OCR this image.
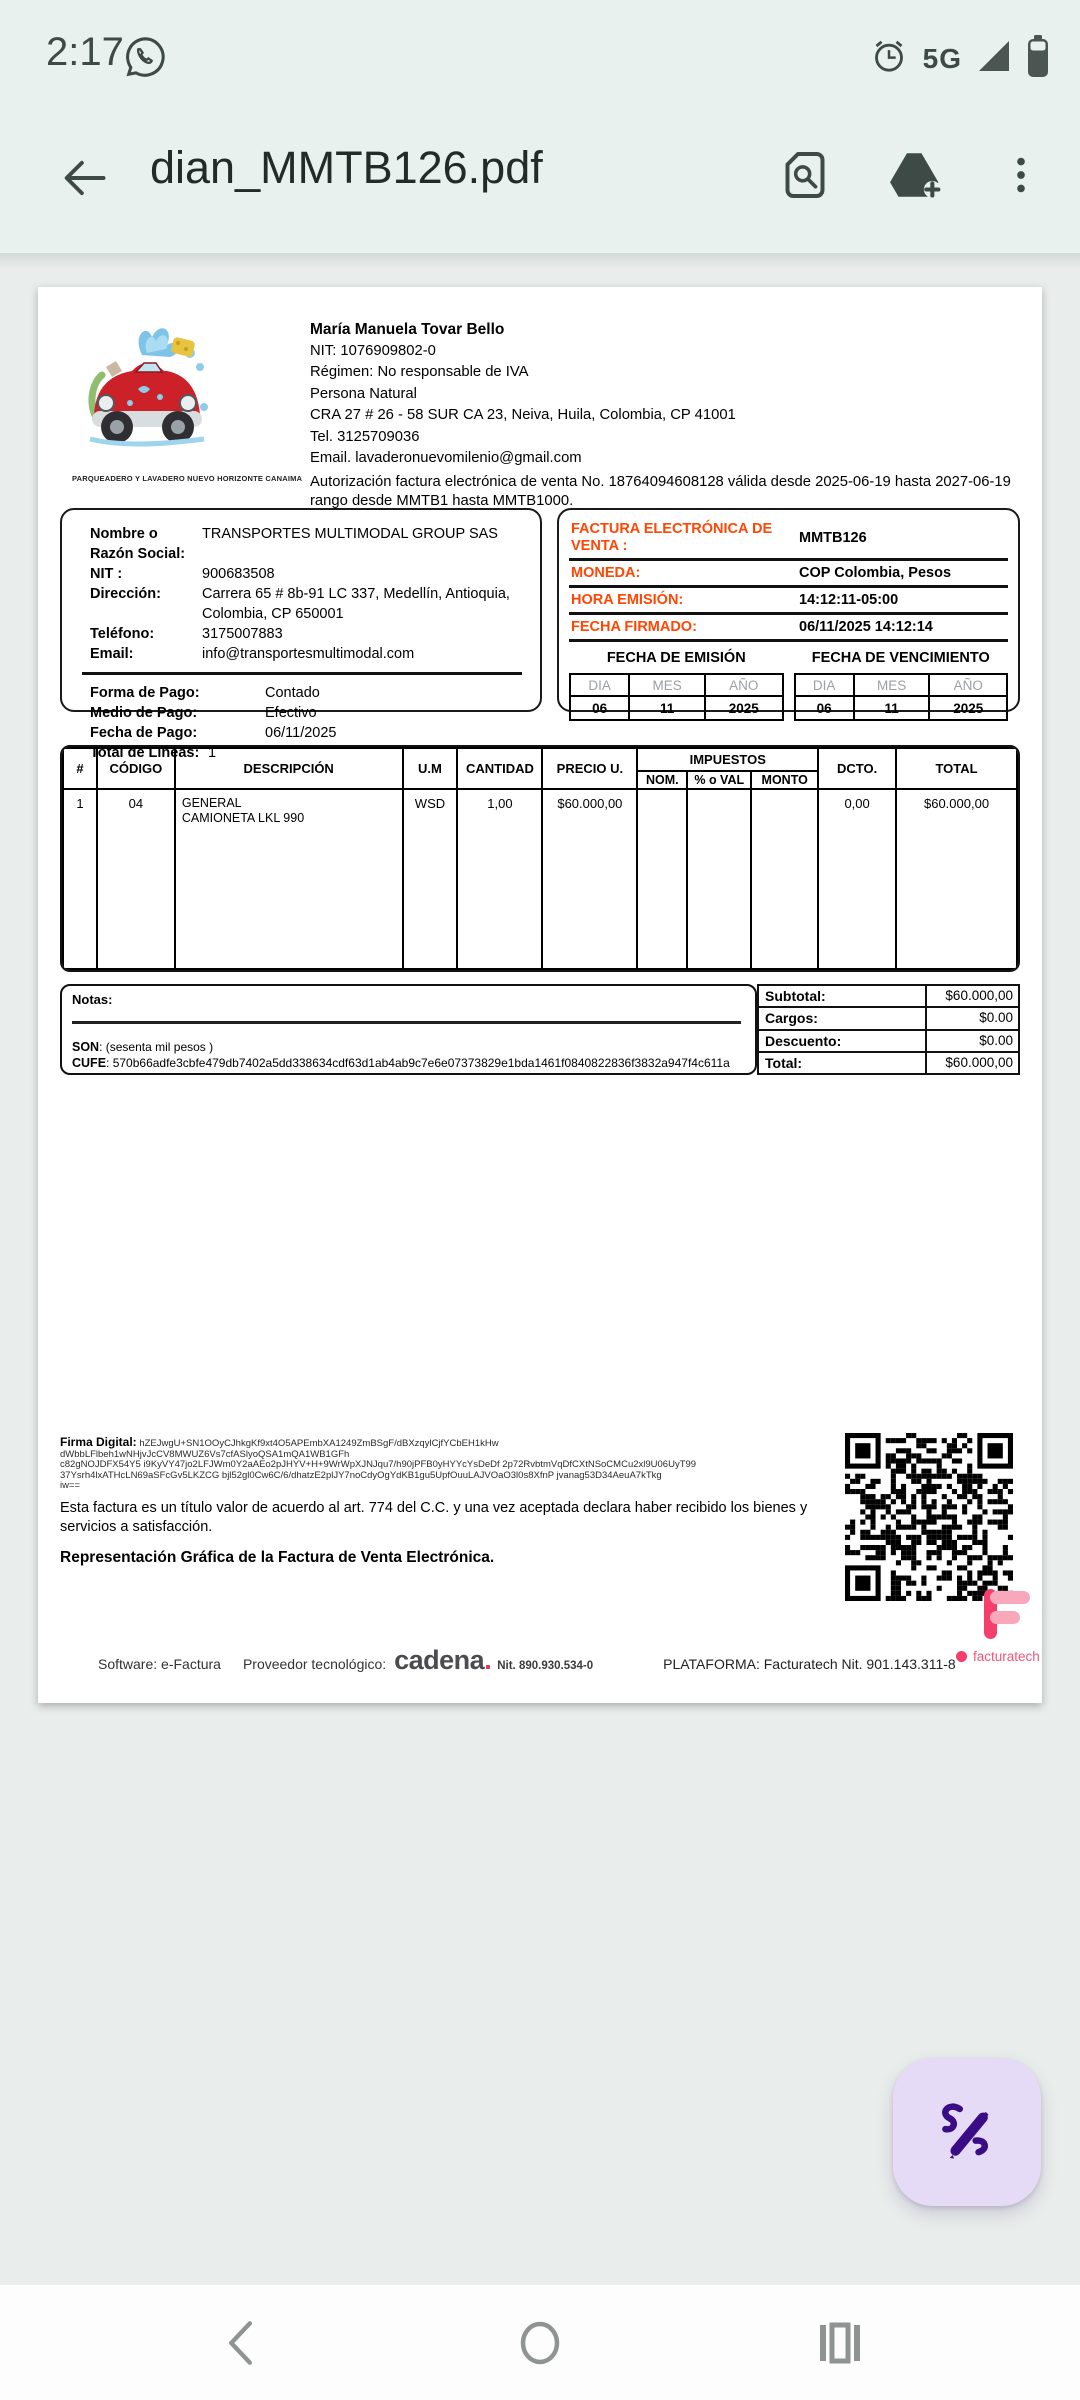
2:17	5G
dian_MMTB126.pdf
PARQUEADERO Y LAVADERO NUEVO HORIZONTE CANAIMA
María Manuela Tovar Bello
NIT: 1076909802-0
Régimen: No responsable de IVA
Persona Natural
CRA 27 # 26 - 58 SUR CA 23, Neiva, Huila, Colombia, CP 41001
Tel. 3125709036
Email. lavaderonuevomilenio@gmail.com
Autorización factura electrónica de venta No. 18764094608128 válida desde 2025-06-19 hasta 2027-06-19 rango desde MMTB1 hasta MMTB1000.
Nombre o Razón Social:
TRANSPORTES MULTIMODAL GROUP SAS
NIT :	900683508
Dirección:	Carrera 65 # 8b-91 LC 337, Medellín, Antioquia, Colombia, CP 650001
Teléfono:	3175007883
Email:	info@transportesmultimodal.com
Forma de Pago:	Contado
Medio de Pago:	Efectivo
Fecha de Pago:	06/11/2025
Total de Lineas: 1
FACTURA ELECTRÓNICA DE VENTA :	MMTB126
MONEDA:	COP Colombia, Pesos
HORA EMISIÓN:	14:12:11-05:00
FECHA FIRMADO:	06/11/2025 14:12:14
FECHA DE EMISIÓN
DIA	MES	AÑO
06	11	2025
FECHA DE VENCIMIENTO
DIA	MES	AÑO
06	11	2025
#	CÓDIGO	DESCRIPCIÓN	U.M	CANTIDAD	PRECIO U.	IMPUESTOS			DCTO.	TOTAL
						NOM.	% o VAL	MONTO		
1	04	GENERAL
CAMIONETA LKL 990	WSD	1,00	$60.000,00				0,00	$60.000,00
Notas:
SON: (sesenta mil pesos )
CUFE: 570b66adfe3cbfe479db7402a5dd338634cdf63d1ab4ab9c7e6e07373829e1bda1461f0840822836f3832a947f4c611a
Subtotal:	$60.000,00
Cargos:	$0.00
Descuento:	$0.00
Total:	$60.000,00
Firma Digital: hZEJwgU+SN1OOyCJhkgKf9xt4O5APEmbXA1249ZmBSgF/dBXzqylCjfYCbEH1kHw
dWbbLFlbeh1wNHjvJcCV8MWUZ6Vs7cfASlyoQSA1mQA1WB1GFh
c82gNOJDFX54Y5 i9KyVY47jo2LFJWm0Y2aAEo2pJHYV+H+9WrWpXJNJqu7/h90jPFB0yHYYcYsDeDf 2p72RvbtmVqDfCXtNSoCMCu2xl9U06UyT99
37Ysrh4lxATHcLN69aSFcGv5LKZCG bjl52gl0Cw6C/6/dhatzE2plJY7noCdyOgYdKB1gu5UpfOuuLAJVOaO3l0s8XfnP jvanag53D34AeuA7kTkg
iw==
Esta factura es un título valor de acuerdo al art. 774 del C.C. y una vez aceptada declara haber recibido los bienes y servicios a satisfacción.
Representación Gráfica de la Factura de Venta Electrónica.
facturatech
Software: e-Factura Proveedor tecnológico: cadena. Nit. 890.930.534-0	PLATAFORMA: Facturatech Nit. 901.143.311-8
